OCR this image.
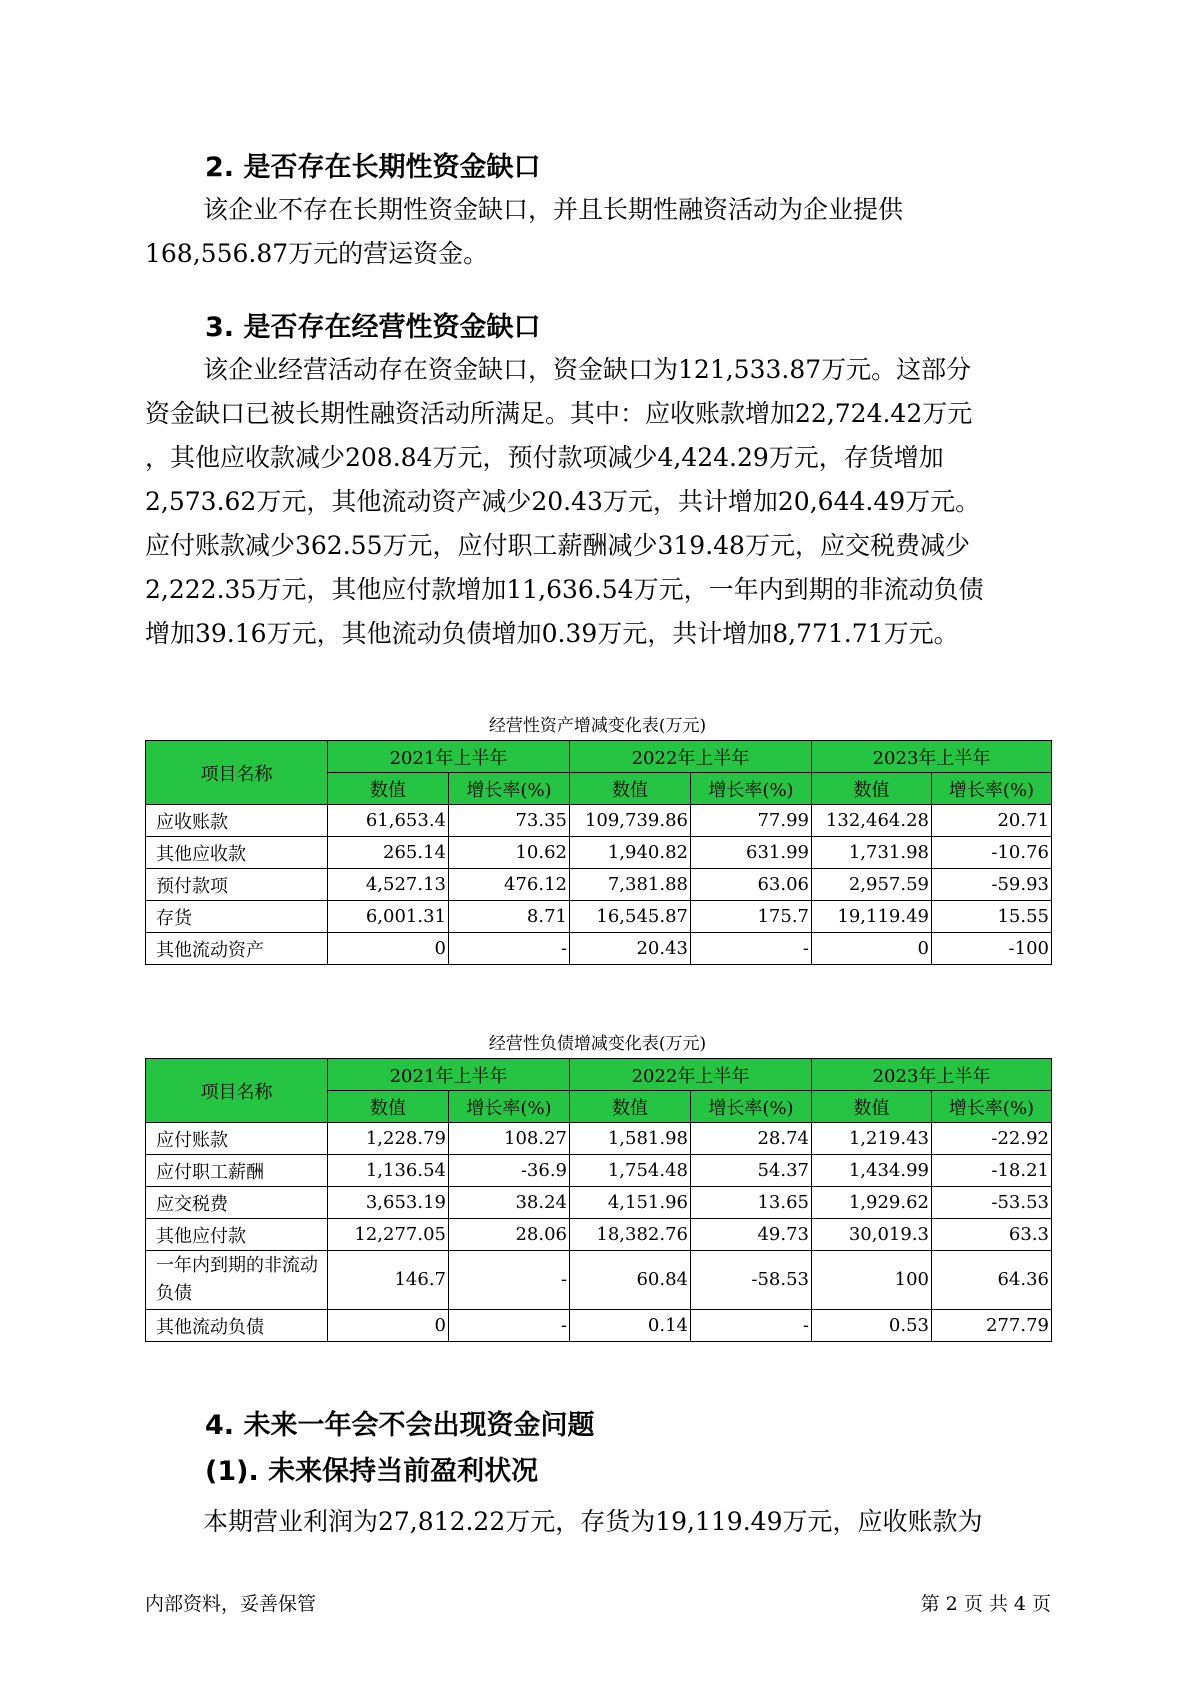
2. 是否存在长期性资金缺口
该企业不存在长期性资金缺口，并且长期性融资活动为企业提供
168,556.87万元的营运资金。
3. 是否存在经营性资金缺口
该企业经营活动存在资金缺口，资金缺口为121,533.87万元。这部分
资金缺口已被长期性融资活动所满足。其中：应收账款增加22,724.42万元
，其他应收款减少208.84万元，预付款项减少4,424.29万元，存货增加
2,573.62万元，其他流动资产减少20.43万元，共计增加20,644.49万元。
应付账款减少362.55万元，应付职工薪酬减少319.48万元，应交税费减少
2,222.35万元，其他应付款增加11,636.54万元，一年内到期的非流动负债
增加39.16万元，其他流动负债增加0.39万元，共计增加8,771.71万元。
经营性资产增减变化表(万元)
项目名称	2021年上半年		2022年上半年		2023年上半年	
	数值	增长率(%)	数值	增长率(%)	数值	增长率(%)
应收账款	61,653.4	73.35	109,739.86	77.99	132,464.28	20.71
其他应收款	265.14	10.62	1,940.82	631.99	1,731.98	-10.76
预付款项	4,527.13	476.12	7,381.88	63.06	2,957.59	-59.93
存货	6,001.31	8.71	16,545.87	175.7	19,119.49	15.55
其他流动资产	0	-	20.43	-	0	-100
经营性负债增减变化表(万元)
项目名称	2021年上半年		2022年上半年		2023年上半年	
	数值	增长率(%)	数值	增长率(%)	数值	增长率(%)
应付账款	1,228.79	108.27	1,581.98	28.74	1,219.43	-22.92
应付职工薪酬	1,136.54	-36.9	1,754.48	54.37	1,434.99	-18.21
应交税费	3,653.19	38.24	4,151.96	13.65	1,929.62	-53.53
其他应付款	12,277.05	28.06	18,382.76	49.73	30,019.3	63.3
一年内到期的非流动负债	146.7	-	60.84	-58.53	100	64.36
其他流动负债	0	-	0.14	-	0.53	277.79
4. 未来一年会不会出现资金问题
(1). 未来保持当前盈利状况
本期营业利润为27,812.22万元，存货为19,119.49万元，应收账款为
内部资料，妥善保管	第 2 页 共 4 页
